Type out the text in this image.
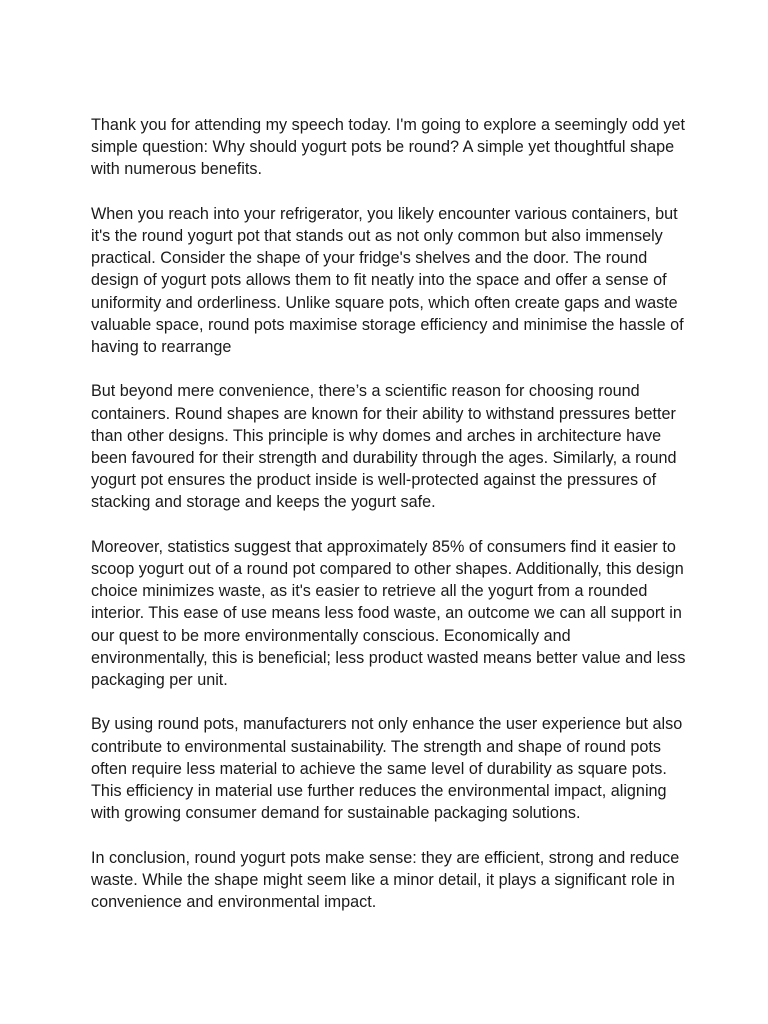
Thank you for attending my speech today. I'm going to explore a seemingly odd yet simple question: Why should yogurt pots be round? A simple yet thoughtful shape with numerous benefits.

When you reach into your refrigerator, you likely encounter various containers, but it's the round yogurt pot that stands out as not only common but also immensely practical. Consider the shape of your fridge's shelves and the door. The round design of yogurt pots allows them to fit neatly into the space and offer a sense of uniformity and orderliness. Unlike square pots, which often create gaps and waste valuable space, round pots maximise storage efficiency and minimise the hassle of having to rearrange

But beyond mere convenience, there’s a scientific reason for choosing round containers. Round shapes are known for their ability to withstand pressures better than other designs. This principle is why domes and arches in architecture have been favoured for their strength and durability through the ages. Similarly, a round yogurt pot ensures the product inside is well-protected against the pressures of stacking and storage and keeps the yogurt safe.

Moreover, statistics suggest that approximately 85% of consumers find it easier to scoop yogurt out of a round pot compared to other shapes. Additionally, this design choice minimizes waste, as it's easier to retrieve all the yogurt from a rounded interior. This ease of use means less food waste, an outcome we can all support in our quest to be more environmentally conscious. Economically and environmentally, this is beneficial; less product wasted means better value and less packaging per unit.

By using round pots, manufacturers not only enhance the user experience but also contribute to environmental sustainability. The strength and shape of round pots often require less material to achieve the same level of durability as square pots. This efficiency in material use further reduces the environmental impact, aligning with growing consumer demand for sustainable packaging solutions.

In conclusion, round yogurt pots make sense: they are efficient, strong and reduce waste. While the shape might seem like a minor detail, it plays a significant role in convenience and environmental impact.
